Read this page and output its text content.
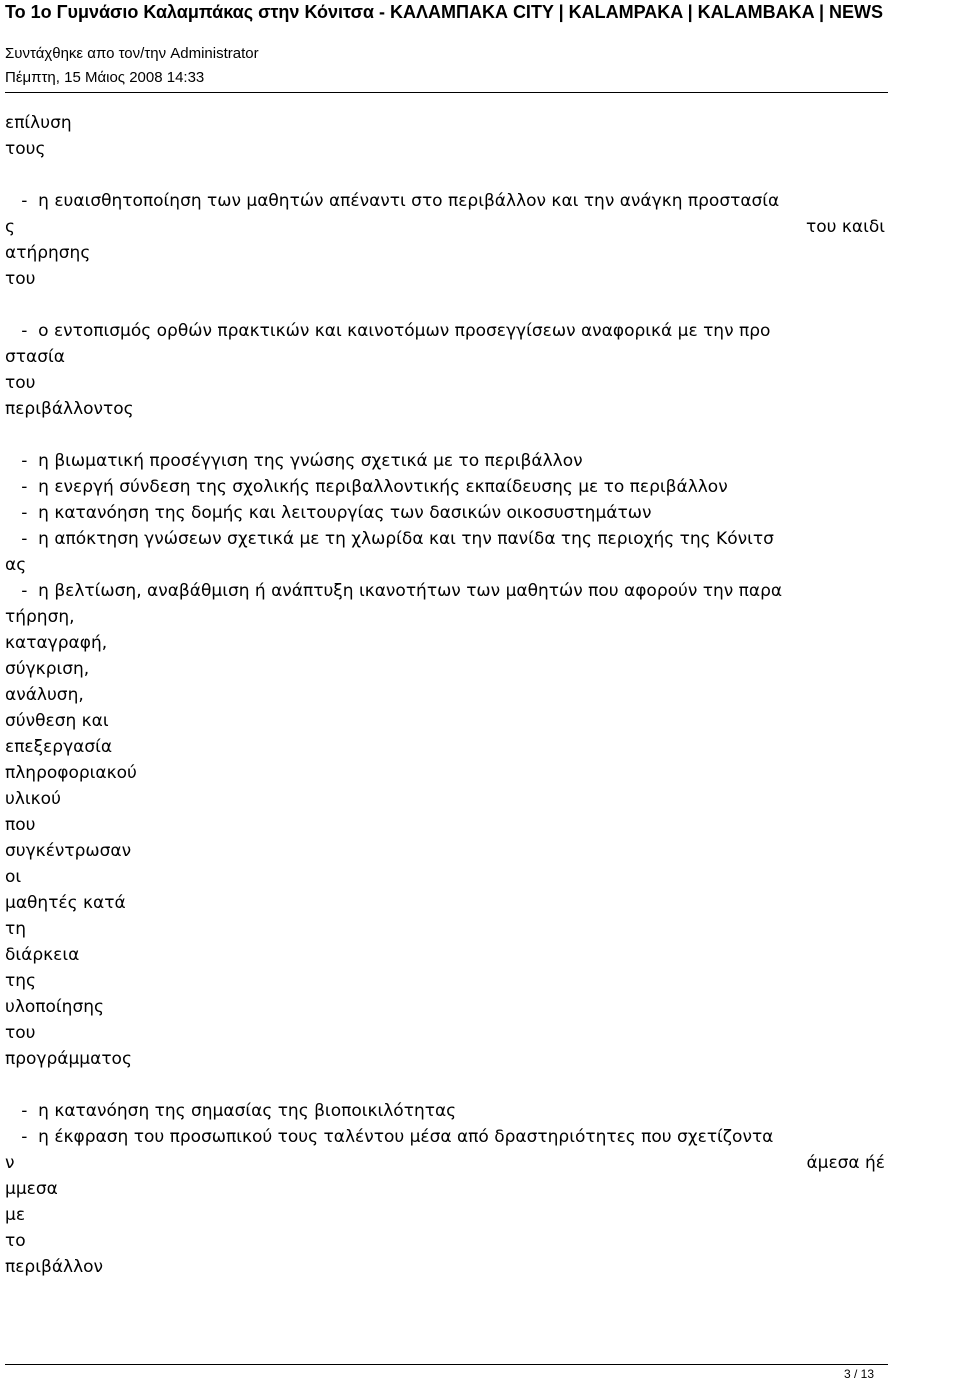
Το 1ο Γυμνάσιο Καλαμπάκας στην Κόνιτσα - ΚΑΛΑΜΠΑΚΑ CITY | KALAMPAKA | KALAMBAKA | NEWS
Συντάχθηκε απο τον/την Administrator
Πέμπτη, 15 Μάιος 2008 14:33
επίλυση
τους
-  η ευαισθητοποίηση των μαθητών απέναντι στο περιβάλλον και την ανάγκη προστασία
ς	του καιδι
ατήρησης
του
-  ο εντοπισμός ορθών πρακτικών και καινοτόμων προσεγγίσεων αναφορικά με την προ
στασία
του
περιβάλλοντος
-  η βιωματική προσέγγιση της γνώσης σχετικά με το περιβάλλον
-  η ενεργή σύνδεση της σχολικής περιβαλλοντικής εκπαίδευσης με το περιβάλλον
-  η κατανόηση της δομής και λειτουργίας των δασικών οικοσυστημάτων
-  η απόκτηση γνώσεων σχετικά με τη χλωρίδα και την πανίδα της περιοχής της Κόνιτσ
ας
-  η βελτίωση, αναβάθμιση ή ανάπτυξη ικανοτήτων των μαθητών που αφορούν την παρα
τήρηση,
καταγραφή,
σύγκριση,
ανάλυση,
σύνθεση και
επεξεργασία
πληροφοριακού
υλικού
που
συγκέντρωσαν
οι
μαθητές κατά
τη
διάρκεια
της
υλοποίησης
του
προγράμματος
-  η κατανόηση της σημασίας της βιοποικιλότητας
-  η έκφραση του προσωπικού τους ταλέντου μέσα από δραστηριότητες που σχετίζοντα
ν	άμεσα ήέ
μμεσα
με
το
περιβάλλον
3 / 13
